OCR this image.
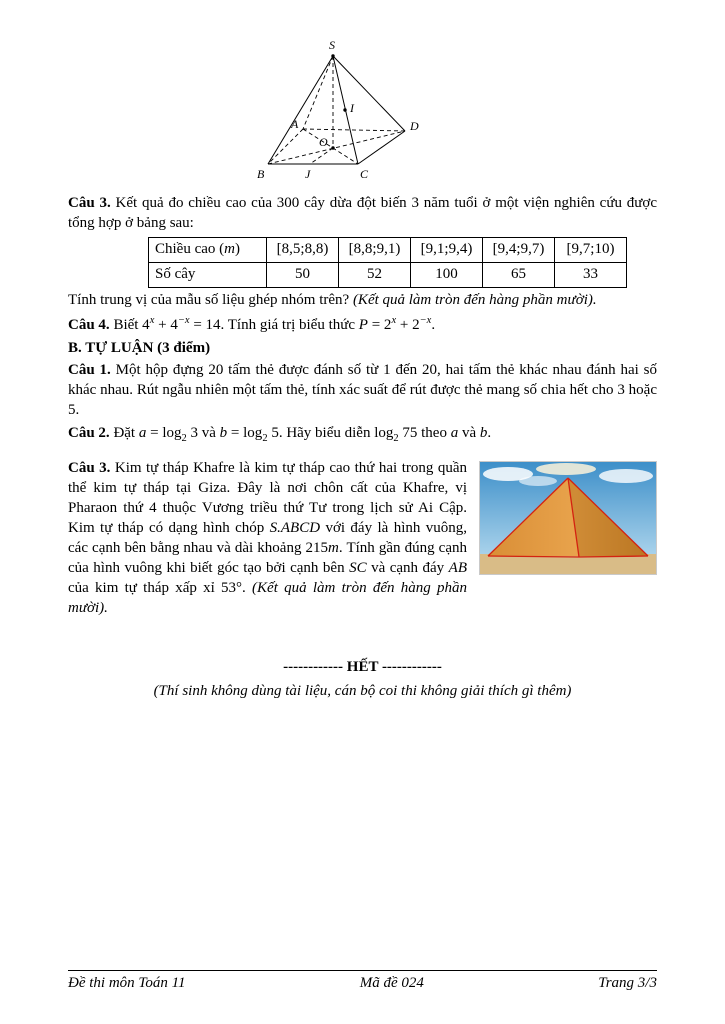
S
I
A	D
B	J
O
C

Câu 3. Kết quả đo chiều cao của 300 cây dừa đột biến 3 năm tuổi ở một viện nghiên cứu được tổng hợp ở bảng sau:

Chiều cao (m)	[8,5;8,8)	[8,8;9,1)	[9,1;9,4)	[9,4;9,7)	[9,7;10)
Số cây	50	52	100	65	33

Tính trung vị của mẫu số liệu ghép nhóm trên? (Kết quả làm tròn đến hàng phần mười).

Câu 4. Biết $4^x + 4^{-x} = 14$. Tính giá trị biểu thức $P = 2^x + 2^{-x}$.

B. TỰ LUẬN (3 điểm)

Câu 1. Một hộp đựng 20 tấm thẻ được đánh số từ 1 đến 20, hai tấm thẻ khác nhau đánh hai số khác nhau. Rút ngẫu nhiên một tấm thẻ, tính xác suất để rút được thẻ mang số chia hết cho 3 hoặc 5.

Câu 2. Đặt $a = \log_2 3$ và $b = \log_2 5$. Hãy biểu diễn $\log_2 75$ theo a và b.

Câu 3. Kim tự tháp Khafre là kim tự tháp cao thứ hai trong quần thể kim tự tháp tại Giza. Đây là nơi chôn cất của Khafre, vị Pharaon thứ 4 thuộc Vương triều thứ Tư trong lịch sử Ai Cập. Kim tự tháp có dạng hình chóp S.ABCD với đáy là hình vuông, các cạnh bên bằng nhau và dài khoảng 215m. Tính gần đúng cạnh của hình vuông khi biết góc tạo bởi cạnh bên SC và cạnh đáy AB của kim tự tháp xấp xỉ 53°. (Kết quả làm tròn đến hàng phần mười).

------------ HẾT ------------

(Thí sinh không dùng tài liệu, cán bộ coi thi không giải thích gì thêm)

Đề thi môn Toán 11	Mã đề 024	Trang 3/3
